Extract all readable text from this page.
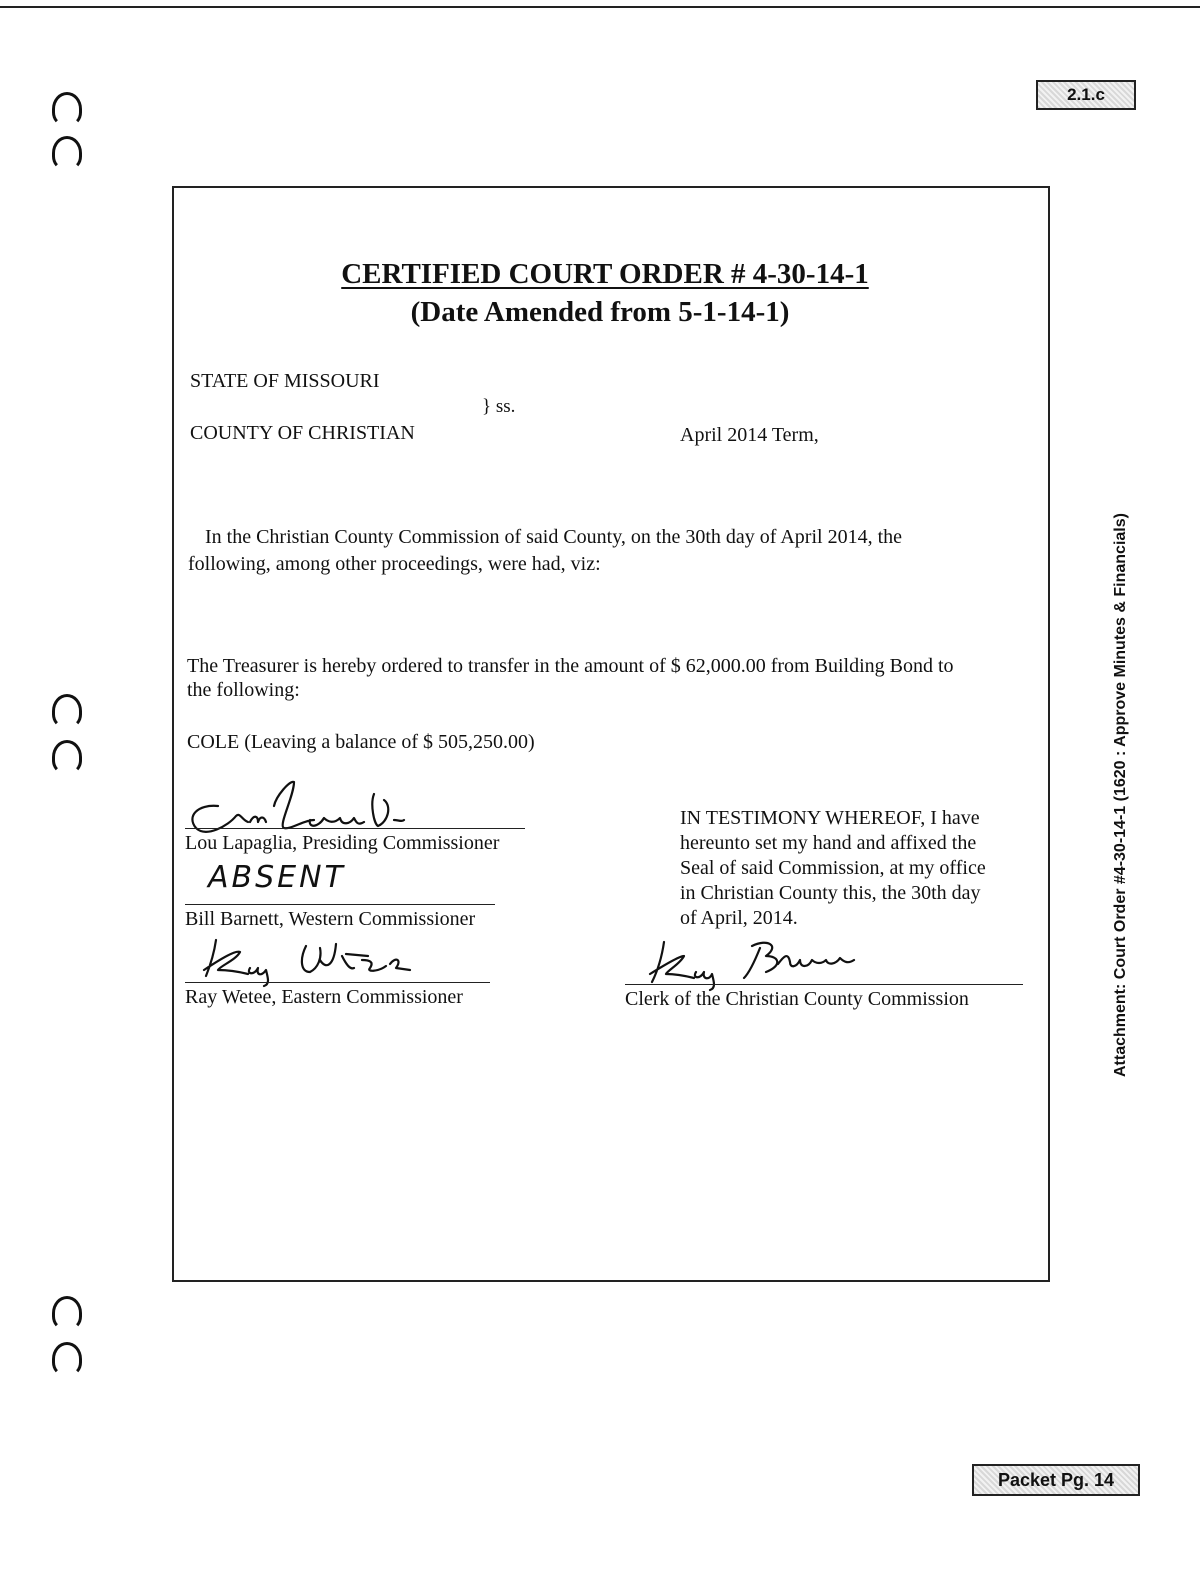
2.1.c
Packet Pg. 14
Attachment: Court Order #4-30-14-1 (1620 : Approve Minutes & Financials)
CERTIFIED COURT ORDER # 4-30-14-1
(Date Amended from 5-1-14-1)
STATE OF MISSOURI
} ss.
COUNTY OF CHRISTIAN	April 2014 Term,
In the Christian County Commission of said County, on the 30th day of April 2014, the
following, among other proceedings, were had, viz:
The Treasurer is hereby ordered to transfer in the amount of $ 62,000.00 from Building Bond to
the following:
COLE (Leaving a balance of $ 505,250.00)
Lou Lapaglia, Presiding Commissioner
ABSENT
Bill Barnett, Western Commissioner
Ray Wetee, Eastern Commissioner
IN TESTIMONY WHEREOF, I have
hereunto set my hand and affixed the
Seal of said Commission, at my office
in Christian County this, the 30th day
of April, 2014.
Clerk of the Christian County Commission
